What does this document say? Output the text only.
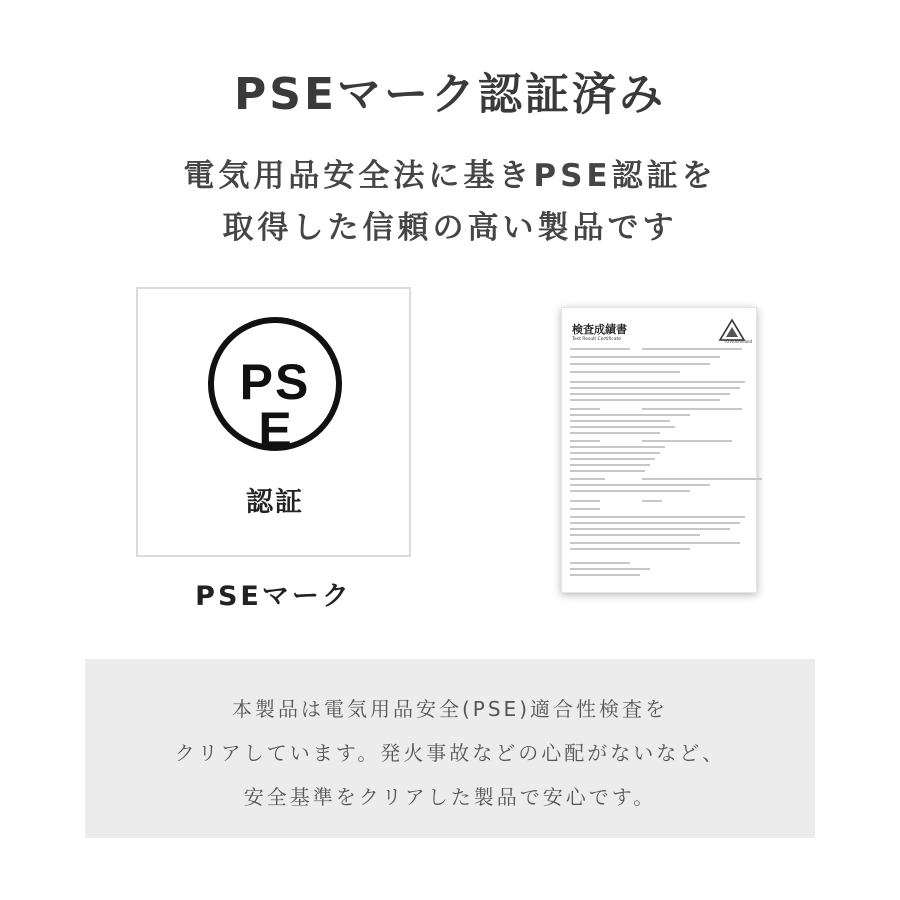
PSEマーク認証済み
電気用品安全法に基きPSE認証を
取得した信頼の高い製品です
PS
E
認証
PSEマーク
検査成績書
Test Result Certificate	TÜVRheinland
本製品は電気用品安全(PSE)適合性検査を
クリアしています。発火事故などの心配がないなど、
安全基準をクリアした製品で安心です。
